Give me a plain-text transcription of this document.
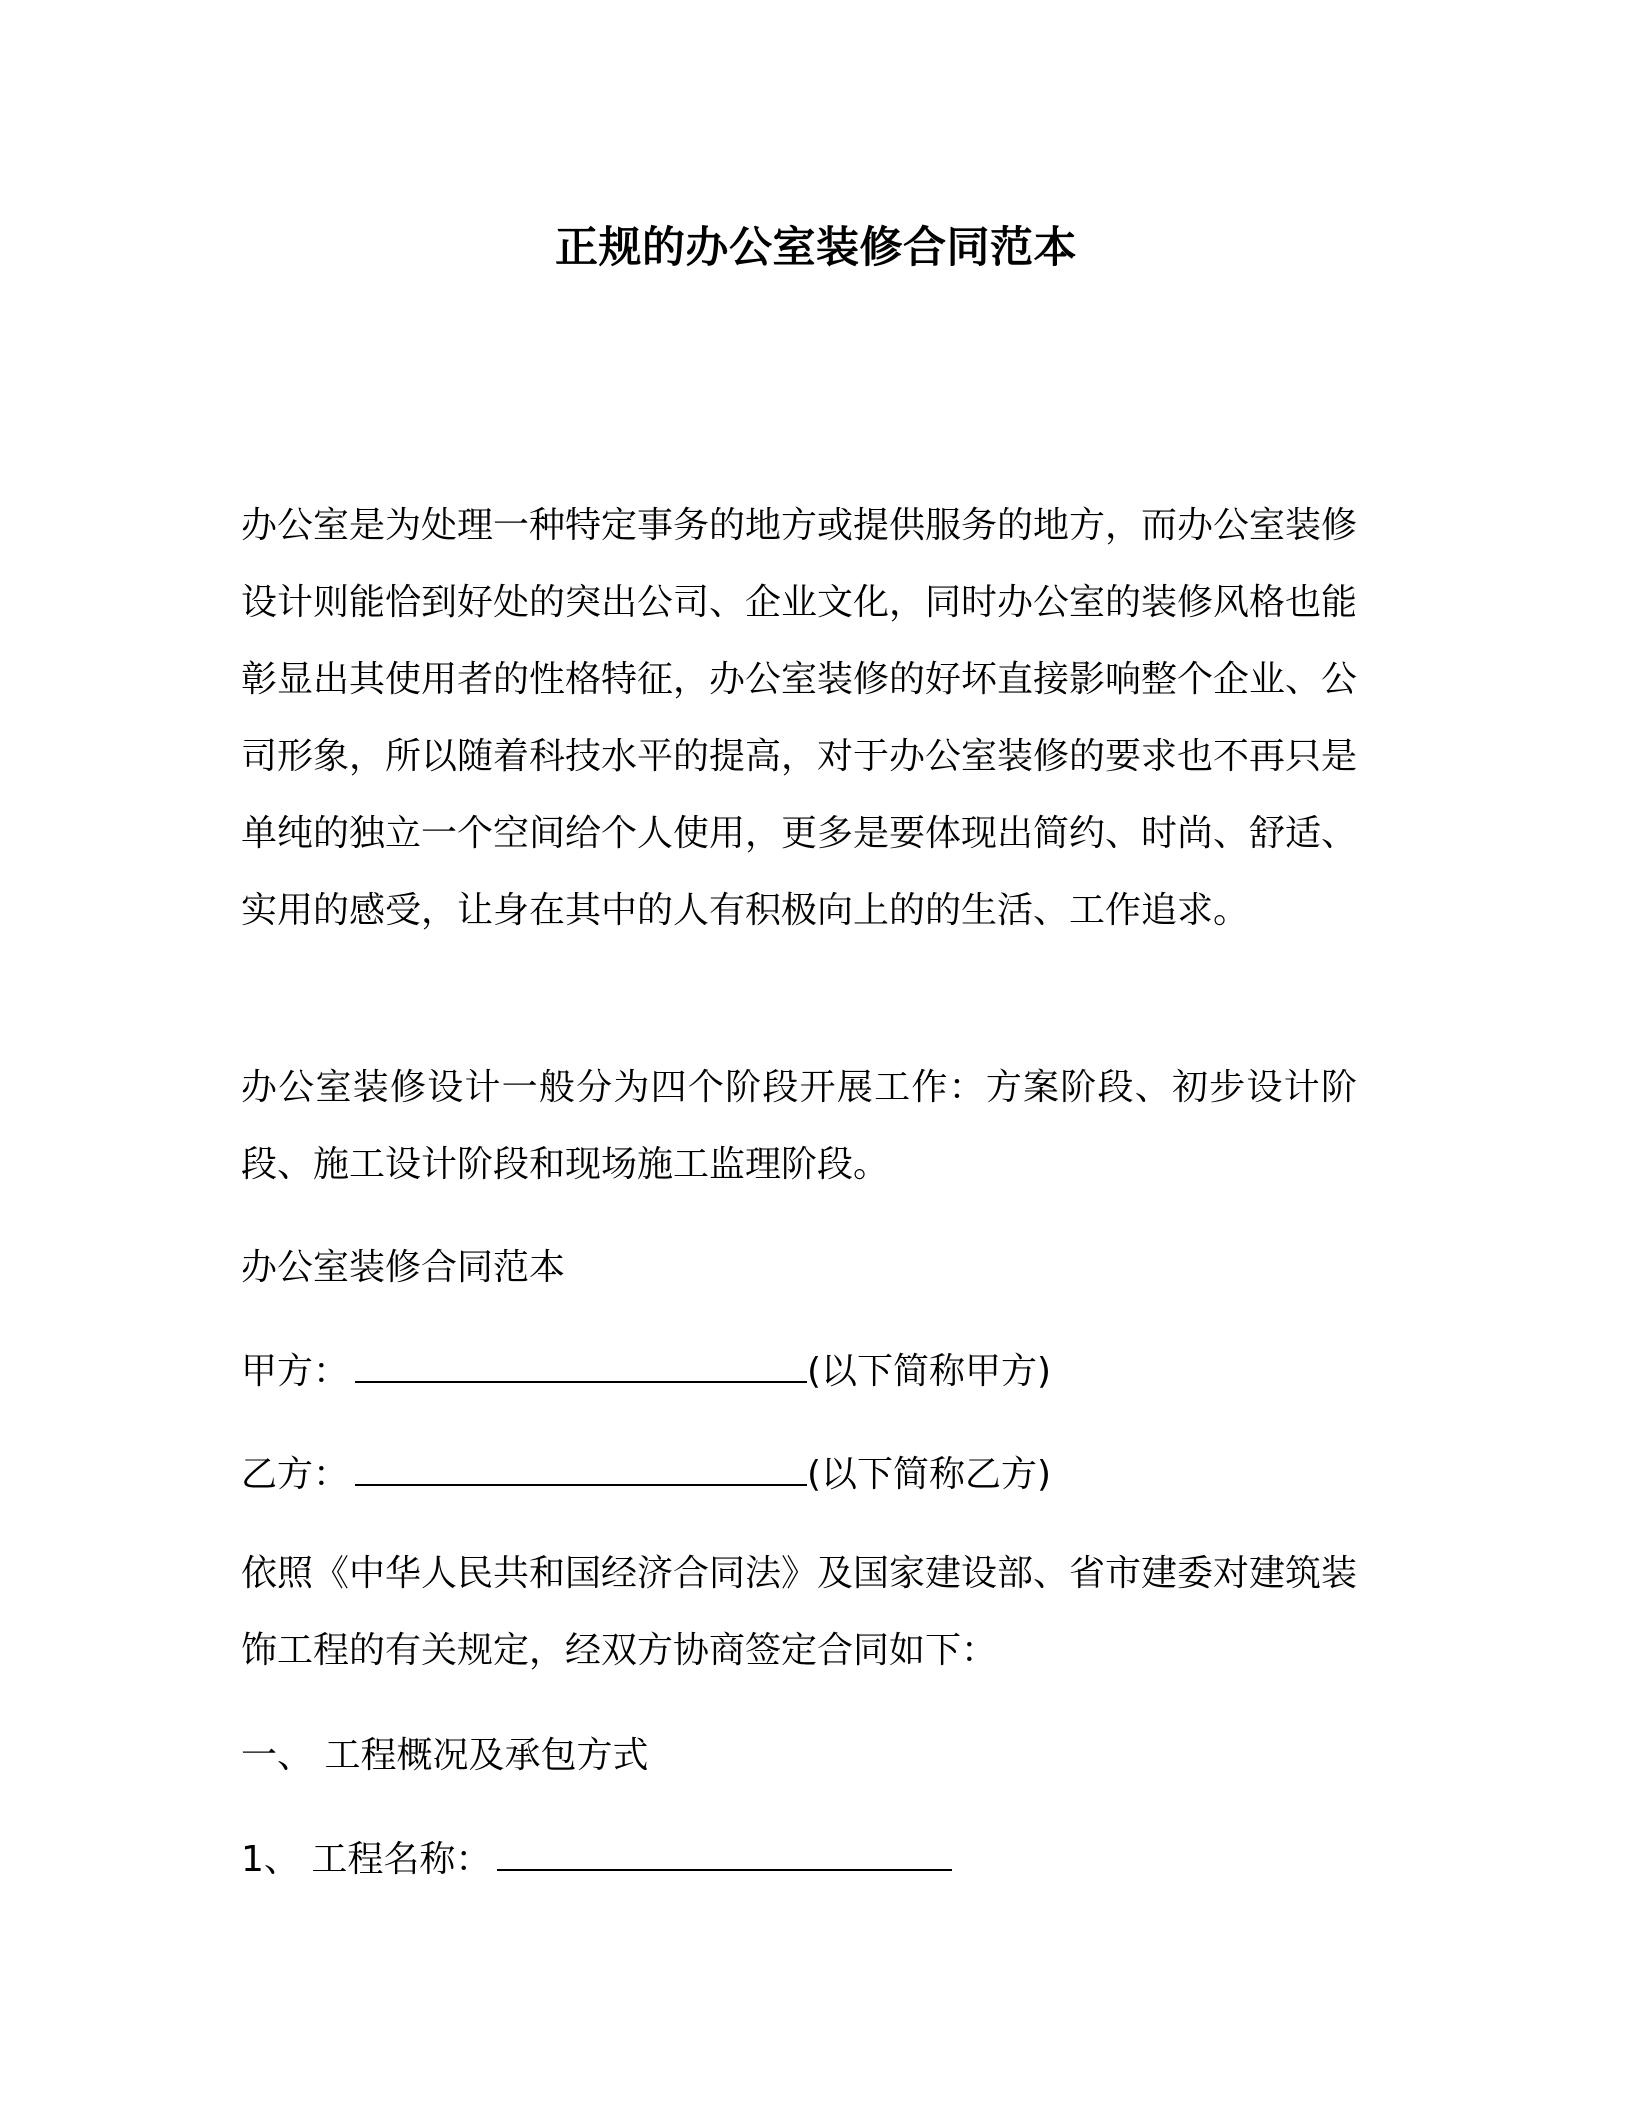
正规的办公室装修合同范本

办公室是为处理一种特定事务的地方或提供服务的地方，而办公室装修设计则能恰到好处的突出公司、企业文化，同时办公室的装修风格也能彰显出其使用者的性格特征，办公室装修的好坏直接影响整个企业、公司形象，所以随着科技水平的提高，对于办公室装修的要求也不再只是单纯的独立一个空间给个人使用，更多是要体现出简约、时尚、舒适、实用的感受，让身在其中的人有积极向上的的生活、工作追求。

办公室装修设计一般分为四个阶段开展工作：方案阶段、初步设计阶段、施工设计阶段和现场施工监理阶段。

办公室装修合同范本

甲方：	(以下简称甲方)

乙方：	(以下简称乙方)

依照《中华人民共和国经济合同法》及国家建设部、省市建委对建筑装饰工程的有关规定，经双方协商签定合同如下：

一、 工程概况及承包方式

1、 工程名称：
